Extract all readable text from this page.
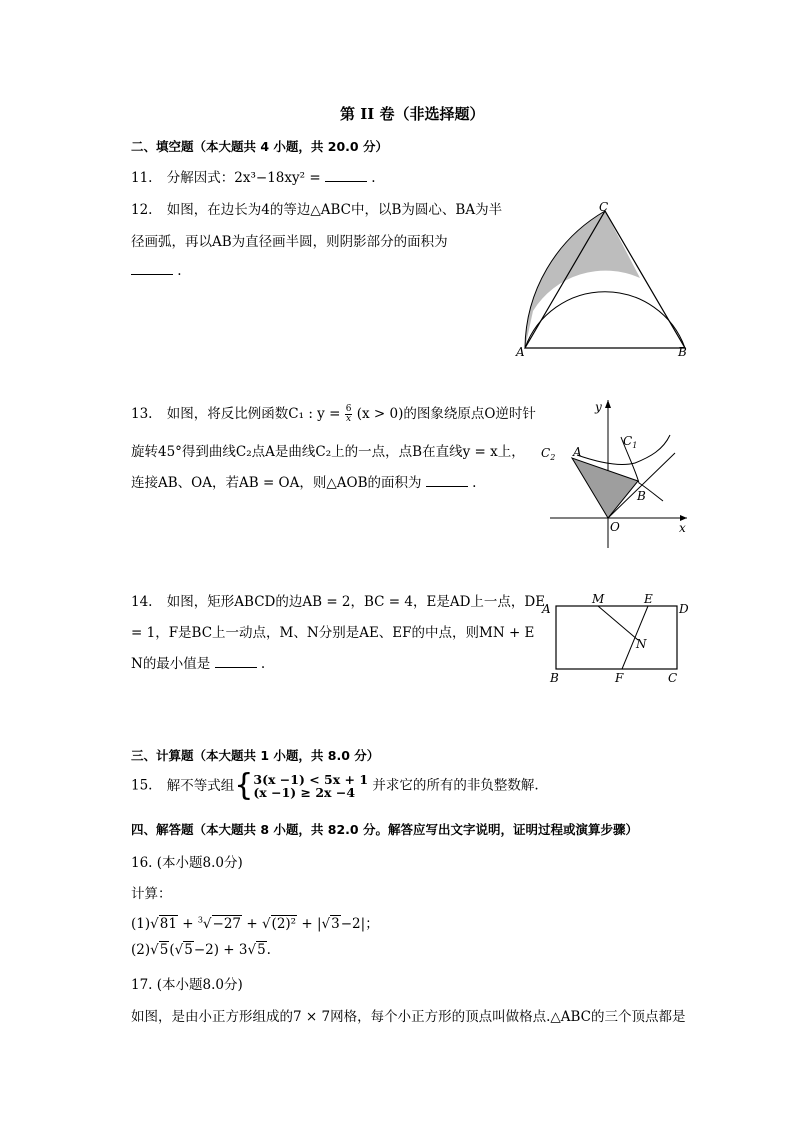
第 II 卷（非选择题）
二、填空题（本大题共 4 小题，共 20.0 分）
11. 分解因式：2x³−18xy² =	.
12. 如图，在边长为4的等边△ABC中，以B为圆心、BA为半
径画弧，再以AB为直径画半圆，则阴影部分的面积为
.
A	B
C
13. 如图，将反比例函数C₁ : $y = \frac{6}{x} (x > 0)$的图象绕原点O逆时针
旋转45°得到曲线C₂点A是曲线C₂上的一点，点B在直线y = x上，
连接AB、OA，若AB = OA，则△AOB的面积为	.
y
x
O
A
B
$C_1$
$C_2$
14. 如图，矩形ABCD的边AB = 2，BC = 4，E是AD上一点，DE
= 1，F是BC上一动点，M、N分别是AE、EF的中点，则MN + E
N的最小值是	.
A
M	E
D
N
B	F	C
三、计算题（本大题共 1 小题，共 8.0 分）
15. 解不等式组{ 3(x −1) < 5x + 1
(x −1) ≥ 2x −4	并求它的所有的非负整数解.
四、解答题（本大题共 8 小题，共 82.0 分。解答应写出文字说明，证明过程或演算步骤）
16. (本小题8.0分)
计算：
(1)√81 + $^3$√−27 + √(2)² + |√3−2|；
(2)√5(√5−2) + 3√5.
17. (本小题8.0分)
如图，是由小正方形组成的7 × 7网格，每个小正方形的顶点叫做格点.△ABC的三个顶点都是
